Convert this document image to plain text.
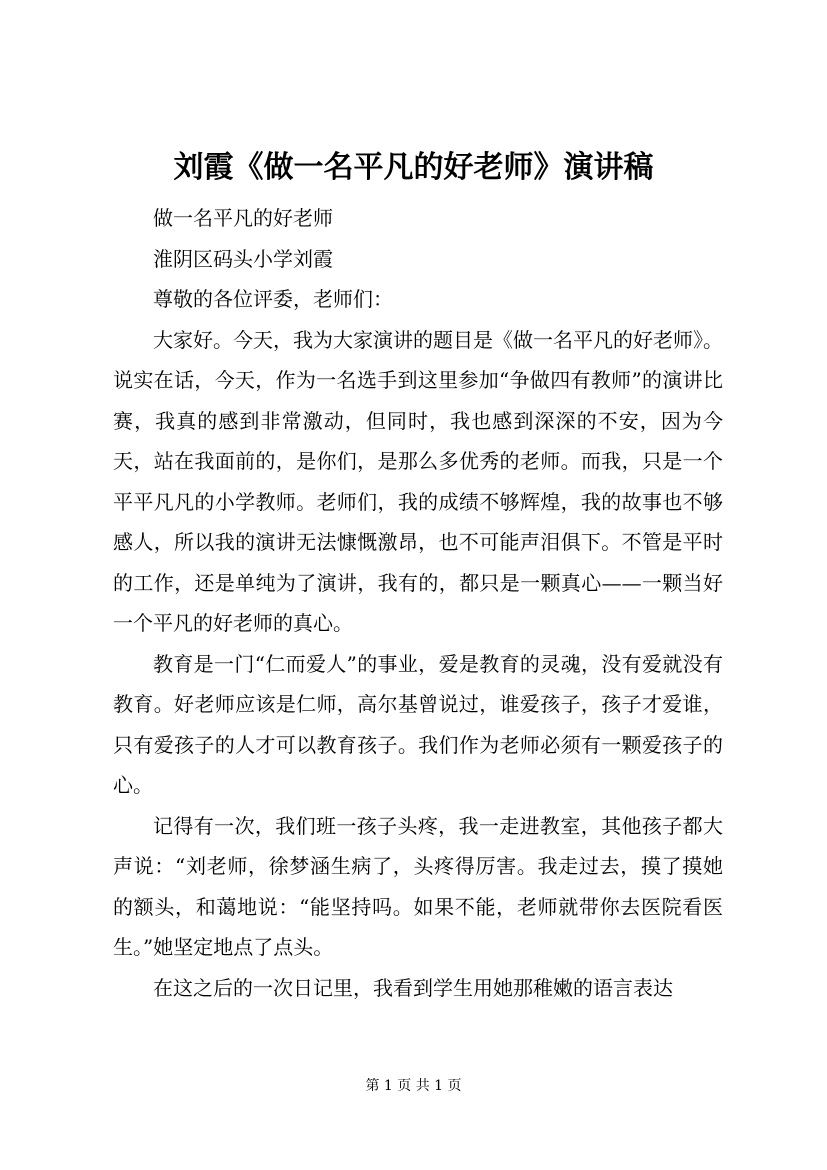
刘霞《做一名平凡的好老师》演讲稿

做一名平凡的好老师

淮阴区码头小学刘霞

尊敬的各位评委，老师们：

大家好。今天，我为大家演讲的题目是《做一名平凡的好老师》。说实在话，今天，作为一名选手到这里参加“争做四有教师”的演讲比赛，我真的感到非常激动，但同时，我也感到深深的不安，因为今天，站在我面前的，是你们，是那么多优秀的老师。而我，只是一个平平凡凡的小学教师。老师们，我的成绩不够辉煌，我的故事也不够感人，所以我的演讲无法慷慨激昂，也不可能声泪俱下。不管是平时的工作，还是单纯为了演讲，我有的，都只是一颗真心——一颗当好一个平凡的好老师的真心。

教育是一门“仁而爱人”的事业，爱是教育的灵魂，没有爱就没有教育。好老师应该是仁师，高尔基曾说过，谁爱孩子，孩子才爱谁，只有爱孩子的人才可以教育孩子。我们作为老师必须有一颗爱孩子的心。

记得有一次，我们班一孩子头疼，我一走进教室，其他孩子都大声说：“刘老师，徐梦涵生病了，头疼得厉害。我走过去，摸了摸她的额头，和蔼地说：“能坚持吗。如果不能，老师就带你去医院看医生。”她坚定地点了点头。

在这之后的一次日记里，我看到学生用她那稚嫩的语言表达

第 1 页 共 1 页
